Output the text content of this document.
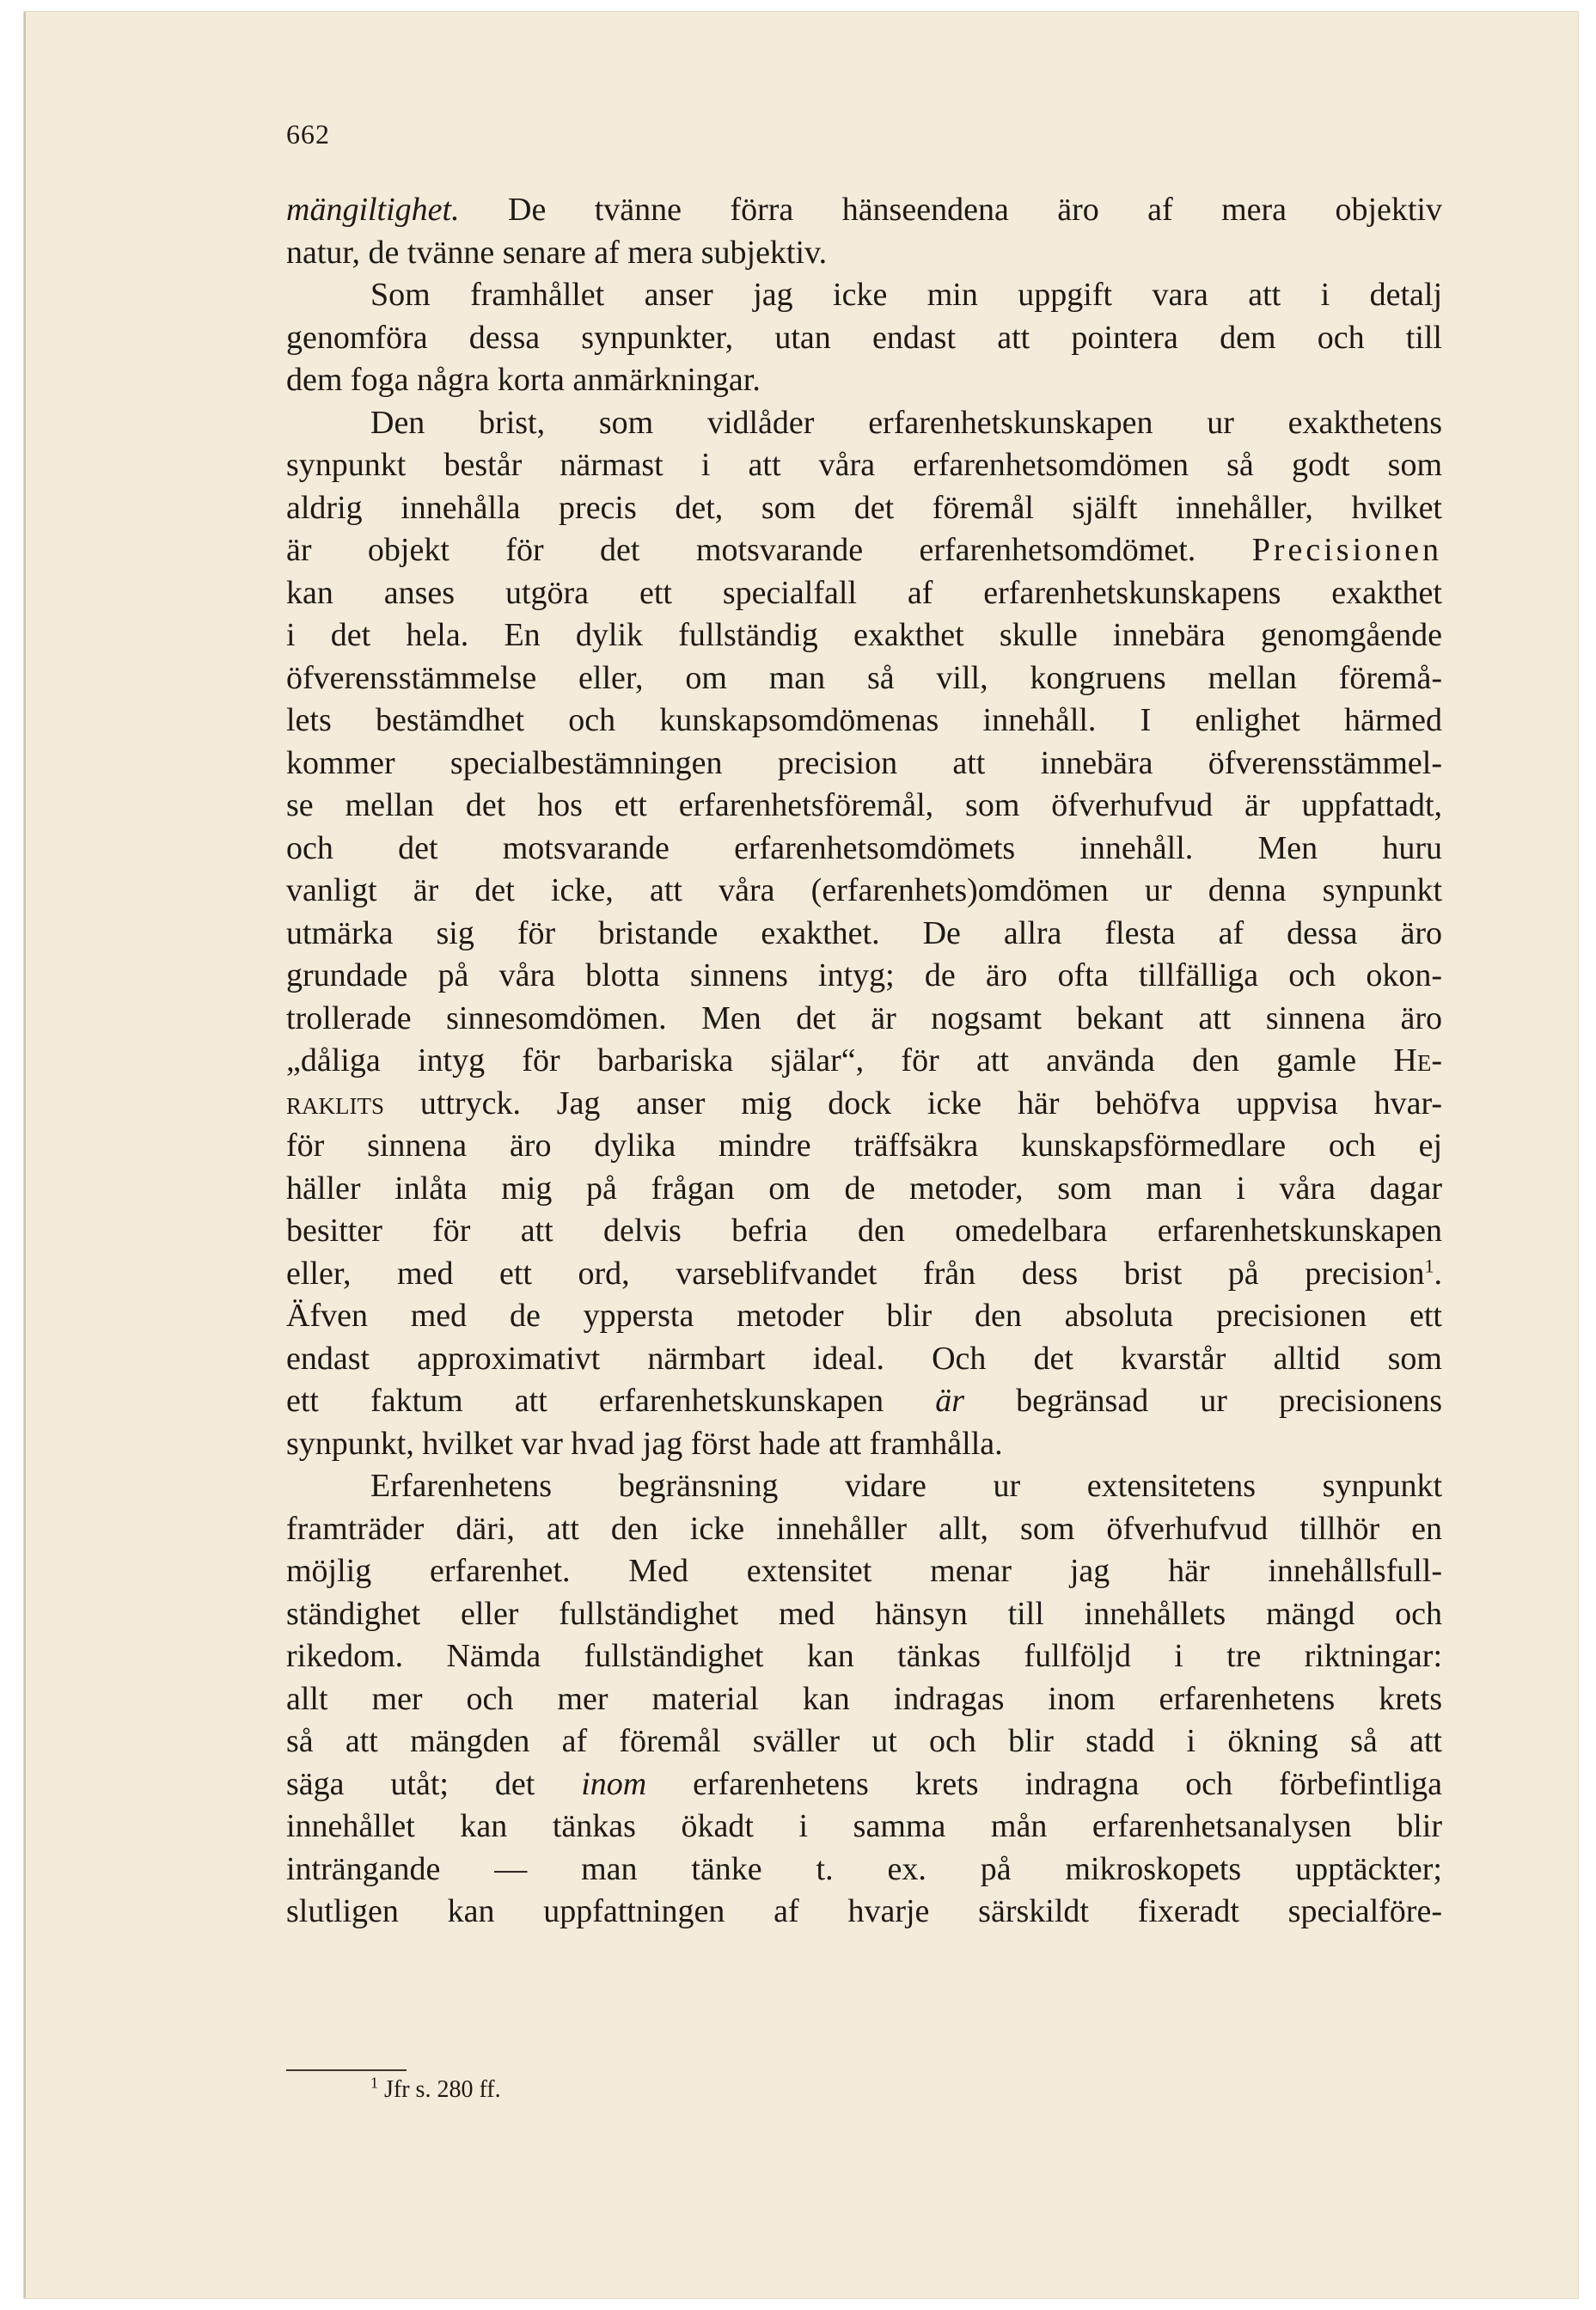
662
mängiltighet. De tvänne förra hänseendena äro af mera objektiv
natur, de tvänne senare af mera subjektiv.
Som framhållet anser jag icke min uppgift vara att i detalj
genomföra dessa synpunkter, utan endast att pointera dem och till
dem foga några korta anmärkningar.
Den brist, som vidlåder erfarenhetskunskapen ur exakthetens
synpunkt består närmast i att våra erfarenhetsomdömen så godt som
aldrig innehålla precis det, som det föremål själft innehåller, hvilket
är objekt för det motsvarande erfarenhetsomdömet. Precisionen
kan anses utgöra ett specialfall af erfarenhetskunskapens exakthet
i det hela. En dylik fullständig exakthet skulle innebära genomgående
öfverensstämmelse eller, om man så vill, kongruens mellan föremå-
lets bestämdhet och kunskapsomdömenas innehåll. I enlighet härmed
kommer specialbestämningen precision att innebära öfverensstämmel-
se mellan det hos ett erfarenhetsföremål, som öfverhufvud är uppfattadt,
och det motsvarande erfarenhetsomdömets innehåll. Men huru
vanligt är det icke, att våra (erfarenhets)omdömen ur denna synpunkt
utmärka sig för bristande exakthet. De allra flesta af dessa äro
grundade på våra blotta sinnens intyg; de äro ofta tillfälliga och okon-
trollerade sinnesomdömen. Men det är nogsamt bekant att sinnena äro
„dåliga intyg för barbariska själar“, för att använda den gamle He-
raklits uttryck. Jag anser mig dock icke här behöfva uppvisa hvar-
för sinnena äro dylika mindre träffsäkra kunskapsförmedlare och ej
häller inlåta mig på frågan om de metoder, som man i våra dagar
besitter för att delvis befria den omedelbara erfarenhetskunskapen
eller, med ett ord, varseblifvandet från dess brist på precision$^1$.
Äfven med de yppersta metoder blir den absoluta precisionen ett
endast approximativt närmbart ideal. Och det kvarstår alltid som
ett faktum att erfarenhetskunskapen är begränsad ur precisionens
synpunkt, hvilket var hvad jag först hade att framhålla.
Erfarenhetens begränsning vidare ur extensitetens synpunkt
framträder däri, att den icke innehåller allt, som öfverhufvud tillhör en
möjlig erfarenhet. Med extensitet menar jag här innehållsfull-
ständighet eller fullständighet med hänsyn till innehållets mängd och
rikedom. Nämda fullständighet kan tänkas fullföljd i tre riktningar:
allt mer och mer material kan indragas inom erfarenhetens krets
så att mängden af föremål sväller ut och blir stadd i ökning så att
säga utåt; det inom erfarenhetens krets indragna och förbefintliga
innehållet kan tänkas ökadt i samma mån erfarenhetsanalysen blir
inträngande — man tänke t. ex. på mikroskopets upptäckter;
slutligen kan uppfattningen af hvarje särskildt fixeradt specialföre-
$^1$ Jfr s. 280 ff.
